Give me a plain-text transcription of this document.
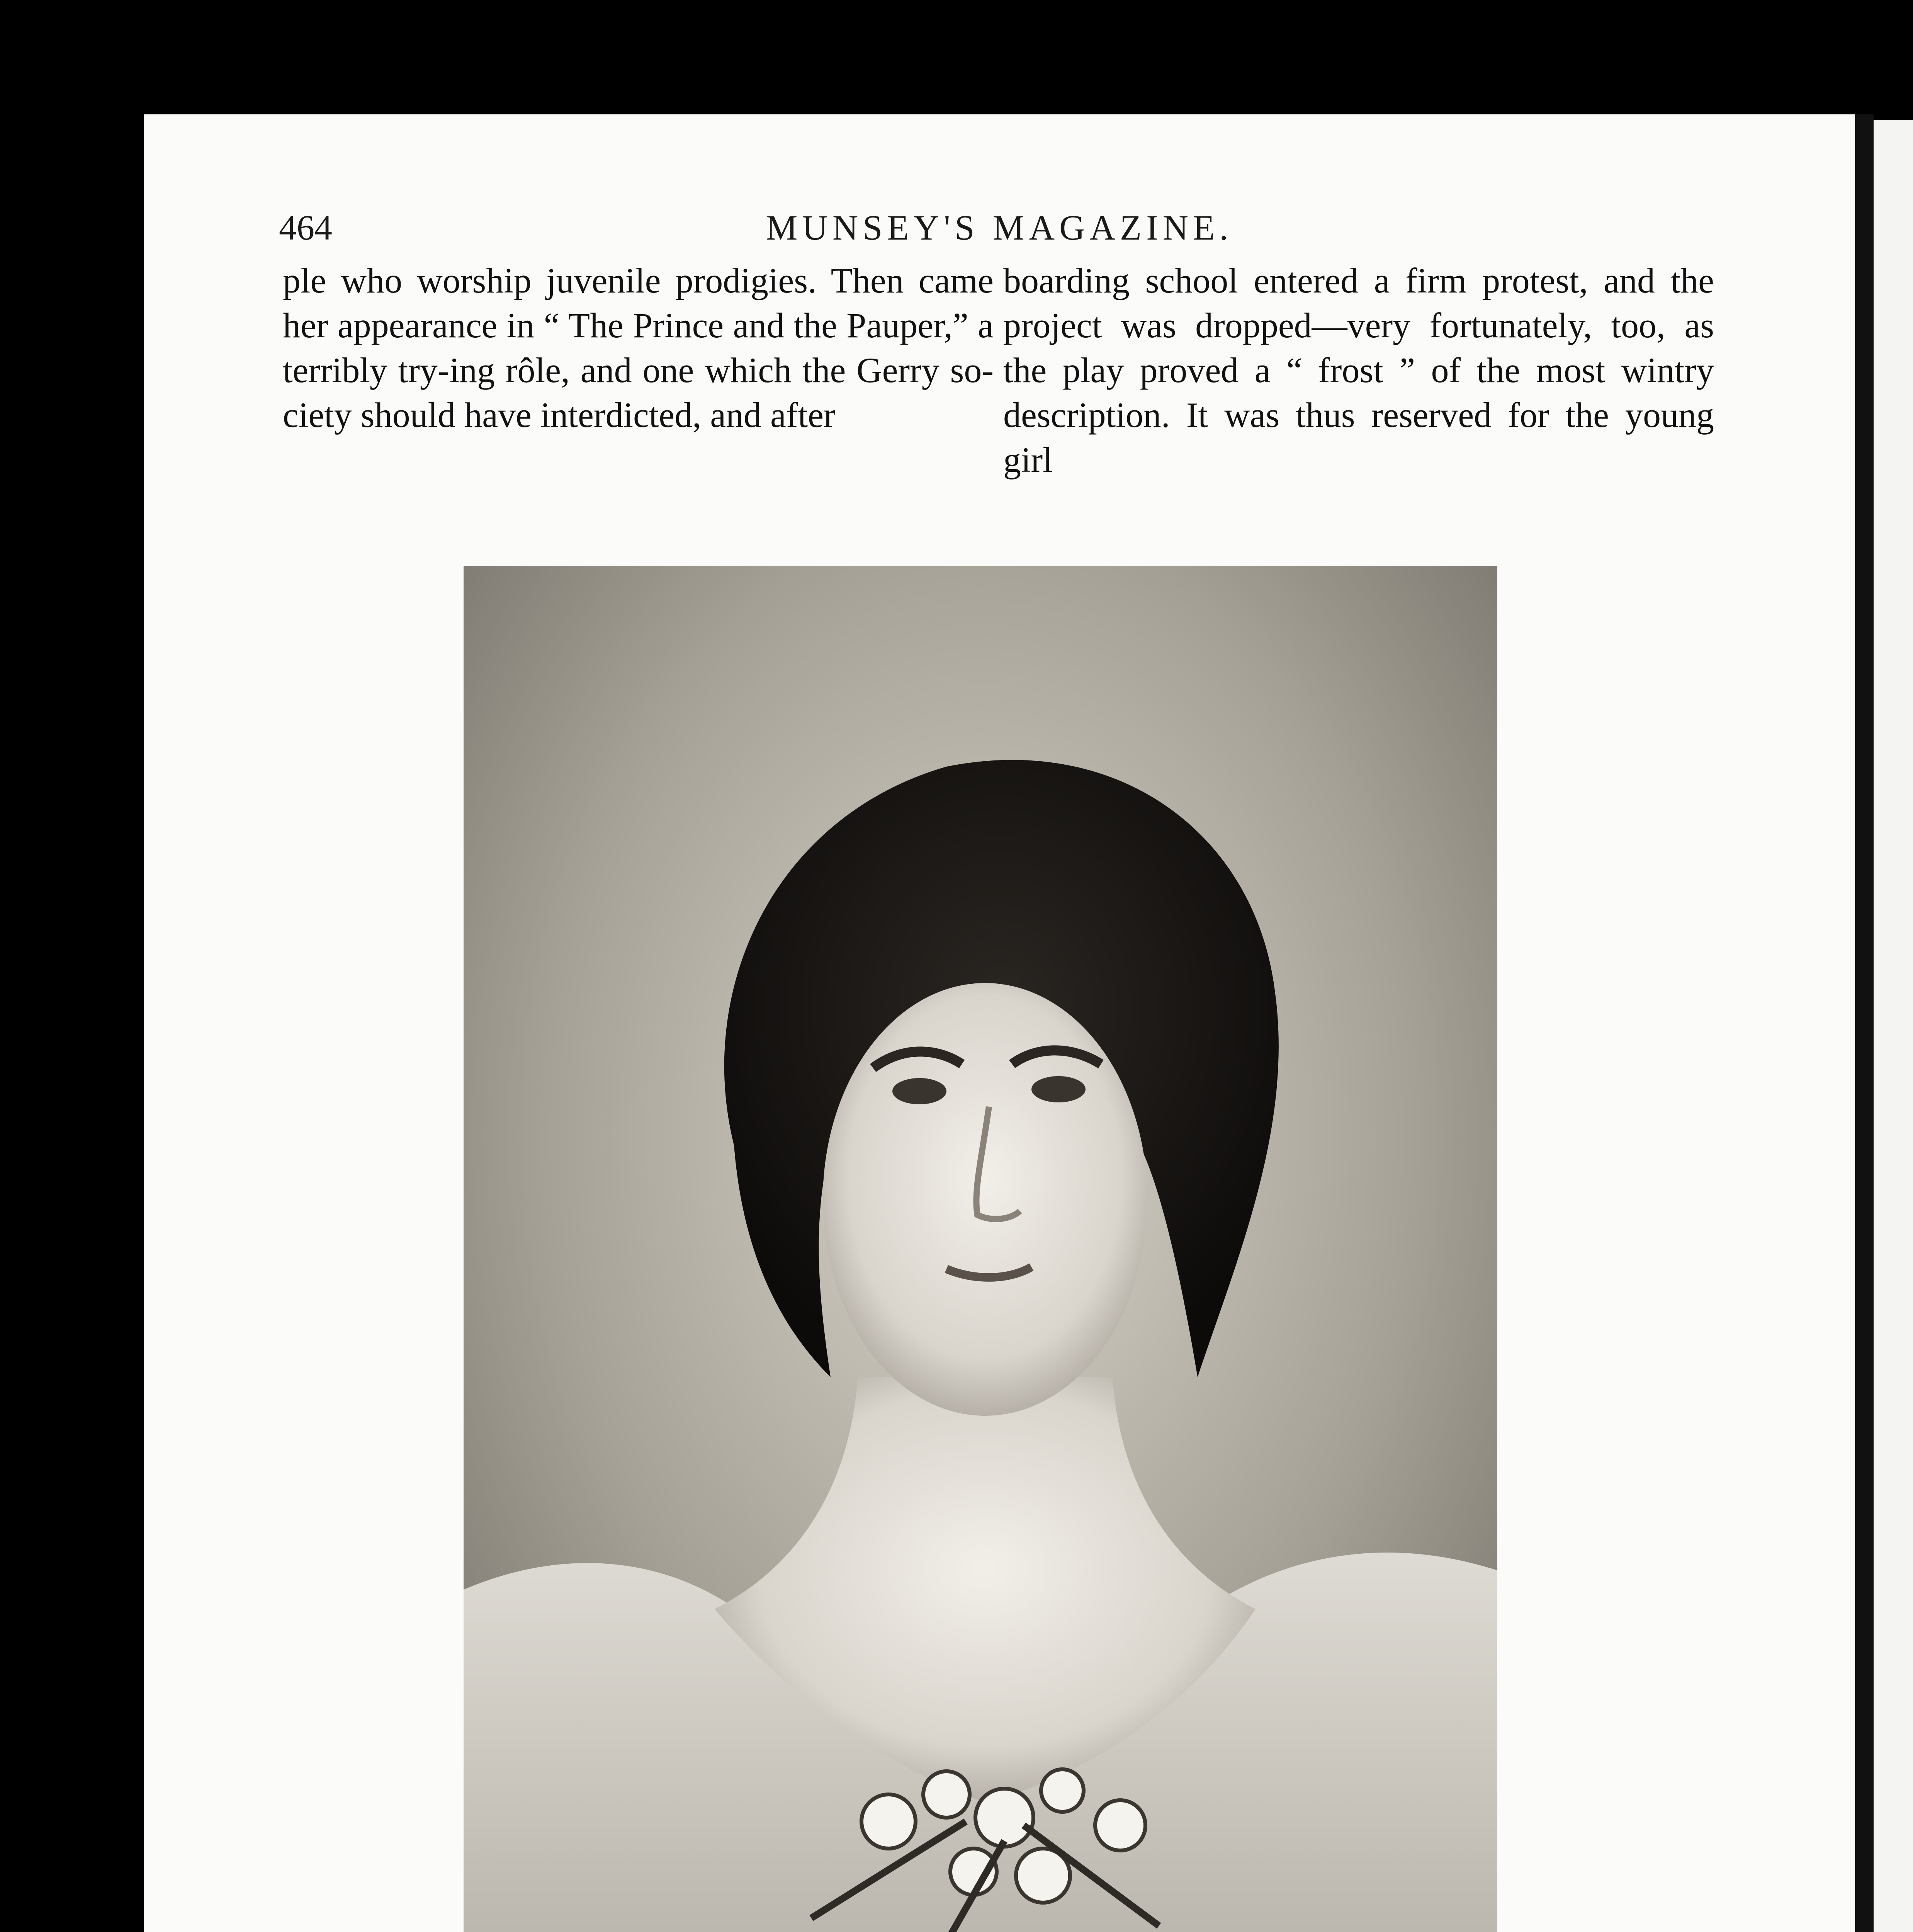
464	MUNSEY'S MAGAZINE.

ple who worship juvenile prodigies. Then came her appearance in “ The Prince and the Pauper,” a terribly try-ing rôle, and one which the Gerry so-ciety should have interdicted, and after

boarding school entered a firm protest, and the project was dropped—very fortunately, too, as the play proved a “ frost ” of the most wintry description. It was thus reserved for the young girl
